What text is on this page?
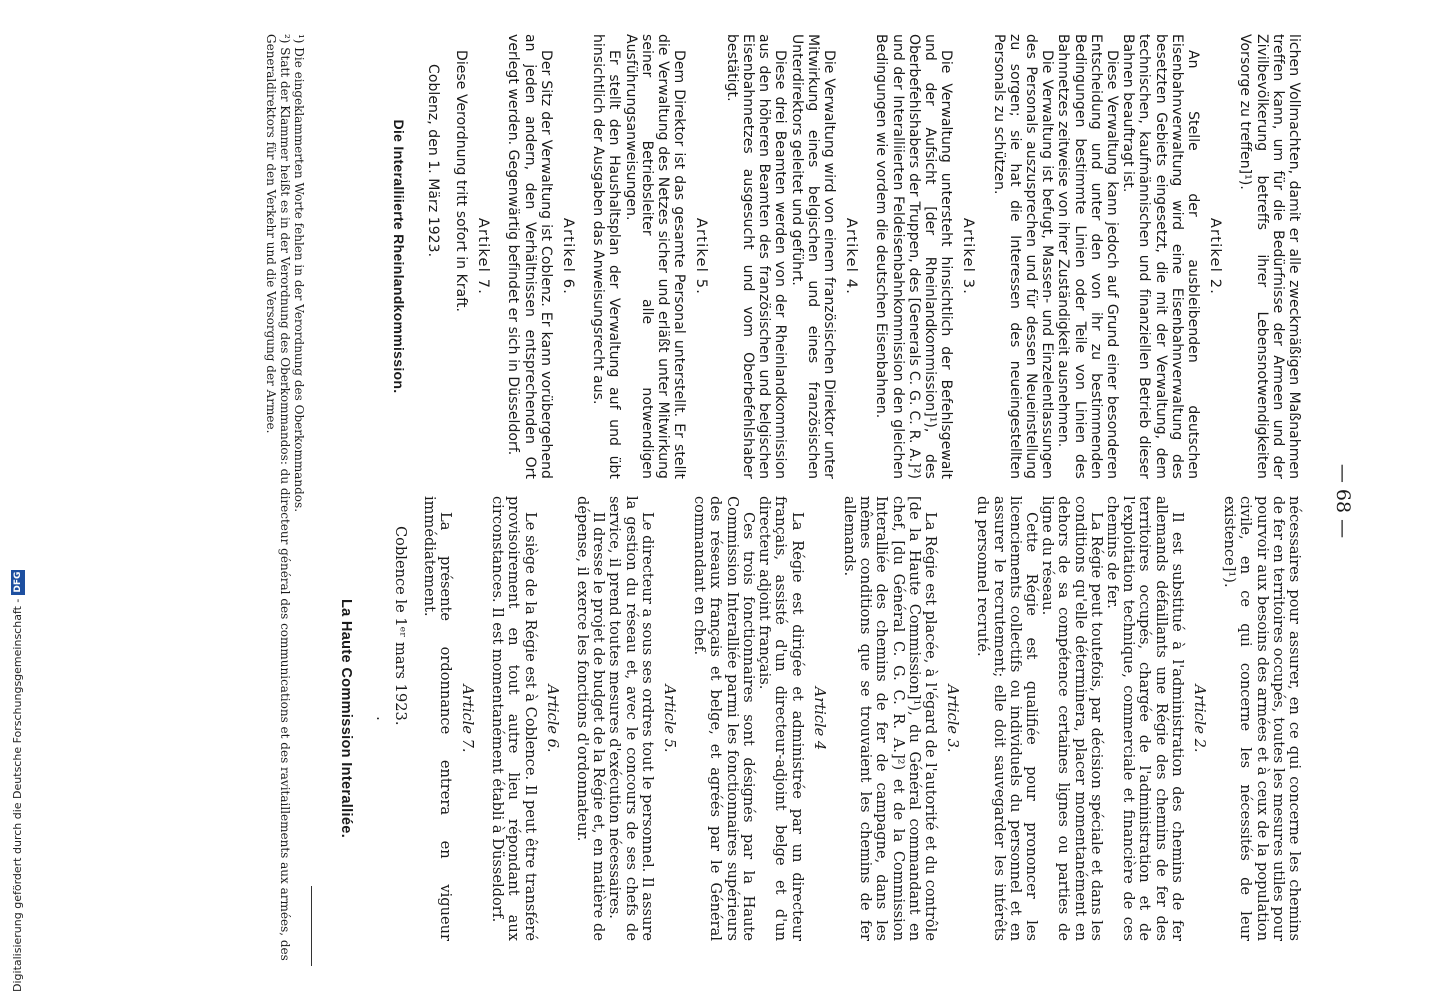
Digitalisierung gefördert durch die Deutsche Forschungsgemeinschaft -DFG
— 68 —

lichen Vollmachten, damit er alle zweckmäßigen Maßnahmen treffen kann, um für die Bedürfnisse der Armeen und der Zivilbevölkerung betreffs ihrer Lebensnotwendigkeiten Vorsorge zu treffen]¹).

Artikel 2.

An Stelle der ausbleibenden deutschen Eisenbahnverwaltung wird eine Eisenbahnverwaltung des besetzten Gebiets eingesetzt, die mit der Verwaltung, dem technischen, kaufmännischen und finanziellen Betrieb dieser Bahnen beauftragt ist.

Diese Verwaltung kann jedoch auf Grund einer besonderen Entscheidung und unter den von ihr zu bestimmenden Bedingungen bestimmte Linien oder Teile von Linien des Bahnnetzes zeitweise von ihrer Zuständigkeit ausnehmen.

Die Verwaltung ist befugt, Massen- und Einzelentlassungen des Personals auszusprechen und für dessen Neueinstellung zu sorgen; sie hat die Interessen des neueingestellten Personals zu schützen.

Artikel 3.

Die Verwaltung untersteht hinsichtlich der Befehlsgewalt und der Aufsicht [der Rheinlandkommission]¹), des Oberbefehlshabers der Truppen, des [Generals C. G. C. R. A.]²) und der Interalliierten Feldeisenbahnkommission den gleichen Bedingungen wie vordem die deutschen Eisenbahnen.

Artikel 4.

Die Verwaltung wird von einem französischen Direktor unter Mitwirkung eines belgischen und eines französischen Unterdirektors geleitet und geführt.

Diese drei Beamten werden von der Rheinlandkommission aus den höheren Beamten des französischen und belgischen Eisenbahnnetzes ausgesucht und vom Oberbefehlshaber bestätigt.

Artikel 5.

Dem Direktor ist das gesamte Personal unterstellt. Er stellt die Verwaltung des Netzes sicher und erläßt unter Mitwirkung seiner Betriebsleiter alle notwendigen Ausführungsanweisungen.

Er stellt den Haushaltsplan der Verwaltung auf und übt hinsichtlich der Ausgaben das Anweisungsrecht aus.

Artikel 6.

Der Sitz der Verwaltung ist Coblenz. Er kann vorübergehend an jeden andern, den Verhältnissen entsprechenden Ort verlegt werden. Gegenwärtig befindet er sich in Düsseldorf.

Artikel 7.

Diese Verordnung tritt sofort in Kraft.

Coblenz, den 1. März 1923.

Die Interalliierte Rheinlandkommission.

nécessaires pour assurer, en ce qui concerne les chemins de fer en territoires occupés, toutes les mesures utiles pour pourvoir aux besoins des armées et à ceux de la population civile, en ce qui concerne les nécessités de leur existence]¹).

Article 2.

Il est substitué à l'administration des chemins de fer allemands défaillants une Régie des chemins de fer des territoires occupés, chargée de l'administration et de l'exploitation technique, commerciale et financière de ces chemins de fer.

La Régie peut toutefois, par décision spéciale et dans les conditions qu'elle déterminera, placer momentanément en dehors de sa compétence certaines lignes ou parties de ligne du réseau.

Cette Régie est qualifiée pour prononcer les licenciements collectifs ou individuels du personnel et en assurer le recrutement; elle doit sauvegarder les intérêts du personnel recruté.

Article 3.

La Régie est placée, à l'égard de l'autorité et du contrôle [de la Haute Commission]¹), du Général commandant en chef, [du Général C. G. C. R. A.]²) et de la Commission Interalliée des chemins de fer de campagne, dans les mêmes conditions que se trouvaient les chemins de fer allemands.

Article 4

La Régie est dirigée et administrée par un directeur français, assisté d'un directeur-adjoint belge et d'un directeur adjoint français.

Ces trois fonctionnaires sont désignés par la Haute Commission Interalliée parmi les fonctionnaires supérieurs des réseaux français et belge, et agréés par le Général commandant en chef.

Article 5.

Le directeur a sous ses ordres tout le personnel. Il assure la gestion du réseau et, avec le concours de ses chefs de service, il prend toutes mesures d'exécution nécessaires.

Il dresse le projet de budget de la Régie et, en matière de dépense, il exerce les fonctions d'ordonnateur.

Article 6.

Le siège de la Régie est à Coblence. Il peut être transféré provisoirement en tout autre lieu répondant aux circonstances. Il est momentanément établi à Düsseldorf.

Article 7.

La présente ordonnance entrera en vigueur immédiatement.

Coblence le 1ᵉʳ mars 1923.

·

La Haute Commission Interalliée.

¹) Die eingeklammerten Worte fehlen in der Verordnung des Oberkommandos.
²) Statt der Klammer heißt es in der Verordnung des Oberkommandos: du directeur général des communications et des ravitaillements aux armées, des Generaldirektors für den Verkehr und die Versorgung der Armee.
